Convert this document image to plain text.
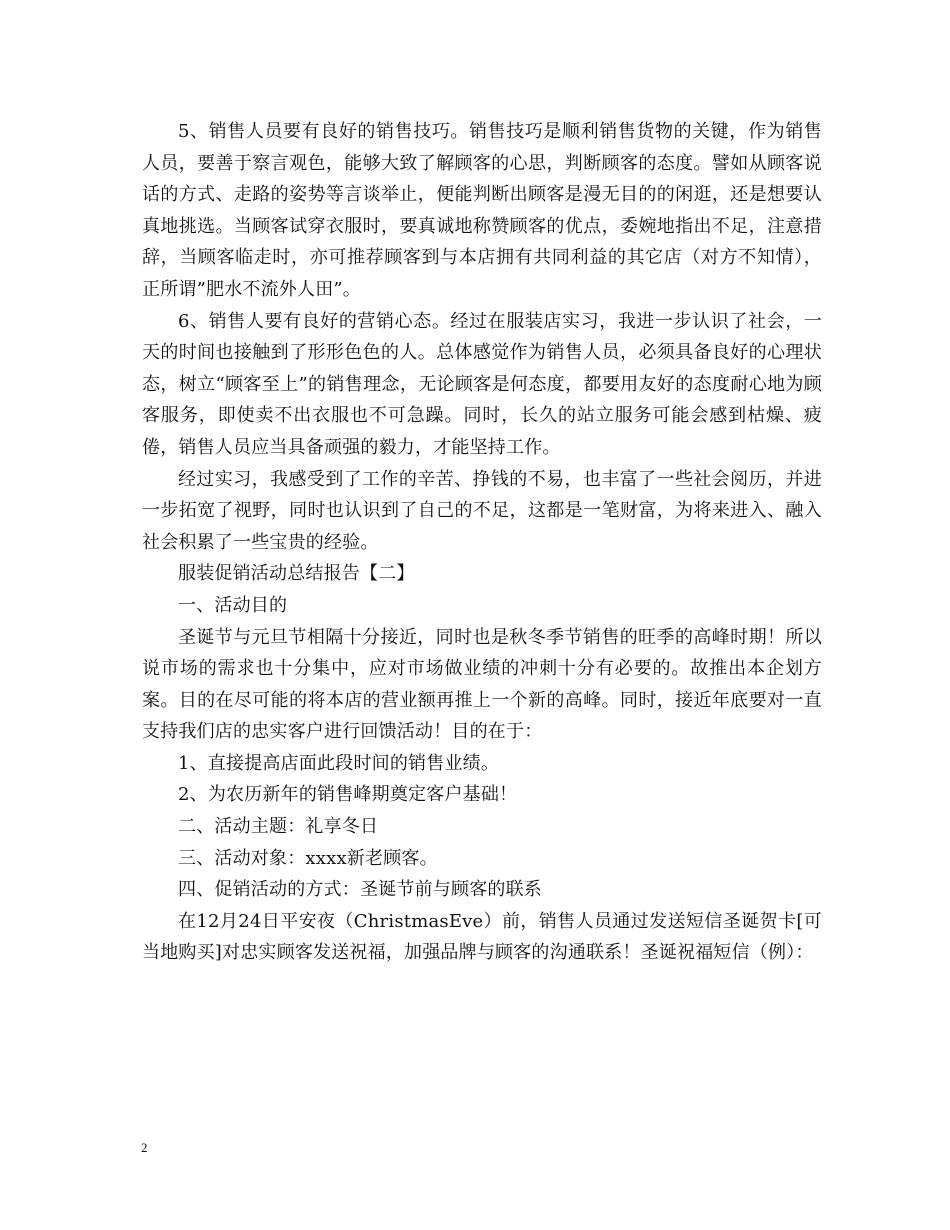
5、销售人员要有良好的销售技巧。销售技巧是顺利销售货物的关键，作为销售人员，要善于察言观色，能够大致了解顾客的心思，判断顾客的态度。譬如从顾客说话的方式、走路的姿势等言谈举止，便能判断出顾客是漫无目的的闲逛，还是想要认真地挑选。当顾客试穿衣服时，要真诚地称赞顾客的优点，委婉地指出不足，注意措辞，当顾客临走时，亦可推荐顾客到与本店拥有共同利益的其它店（对方不知情），正所谓”肥水不流外人田”。

6、销售人要有良好的营销心态。经过在服装店实习，我进一步认识了社会，一天的时间也接触到了形形色色的人。总体感觉作为销售人员，必须具备良好的心理状态，树立“顾客至上”的销售理念，无论顾客是何态度，都要用友好的态度耐心地为顾客服务，即使卖不出衣服也不可急躁。同时，长久的站立服务可能会感到枯燥、疲倦，销售人员应当具备顽强的毅力，才能坚持工作。

经过实习，我感受到了工作的辛苦、挣钱的不易，也丰富了一些社会阅历，并进一步拓宽了视野，同时也认识到了自己的不足，这都是一笔财富，为将来进入、融入社会积累了一些宝贵的经验。

服装促销活动总结报告【二】

一、活动目的

圣诞节与元旦节相隔十分接近，同时也是秋冬季节销售的旺季的高峰时期！所以说市场的需求也十分集中，应对市场做业绩的冲刺十分有必要的。故推出本企划方案。目的在尽可能的将本店的营业额再推上一个新的高峰。同时，接近年底要对一直支持我们店的忠实客户进行回馈活动！目的在于：

1、直接提高店面此段时间的销售业绩。

2、为农历新年的销售峰期奠定客户基础！

二、活动主题：礼享冬日

三、活动对象：xxxx新老顾客。

四、促销活动的方式：圣诞节前与顾客的联系

在12月24日平安夜（ChristmasEve）前，销售人员通过发送短信圣诞贺卡[可当地购买]对忠实顾客发送祝福，加强品牌与顾客的沟通联系！圣诞祝福短信（例）：

2
